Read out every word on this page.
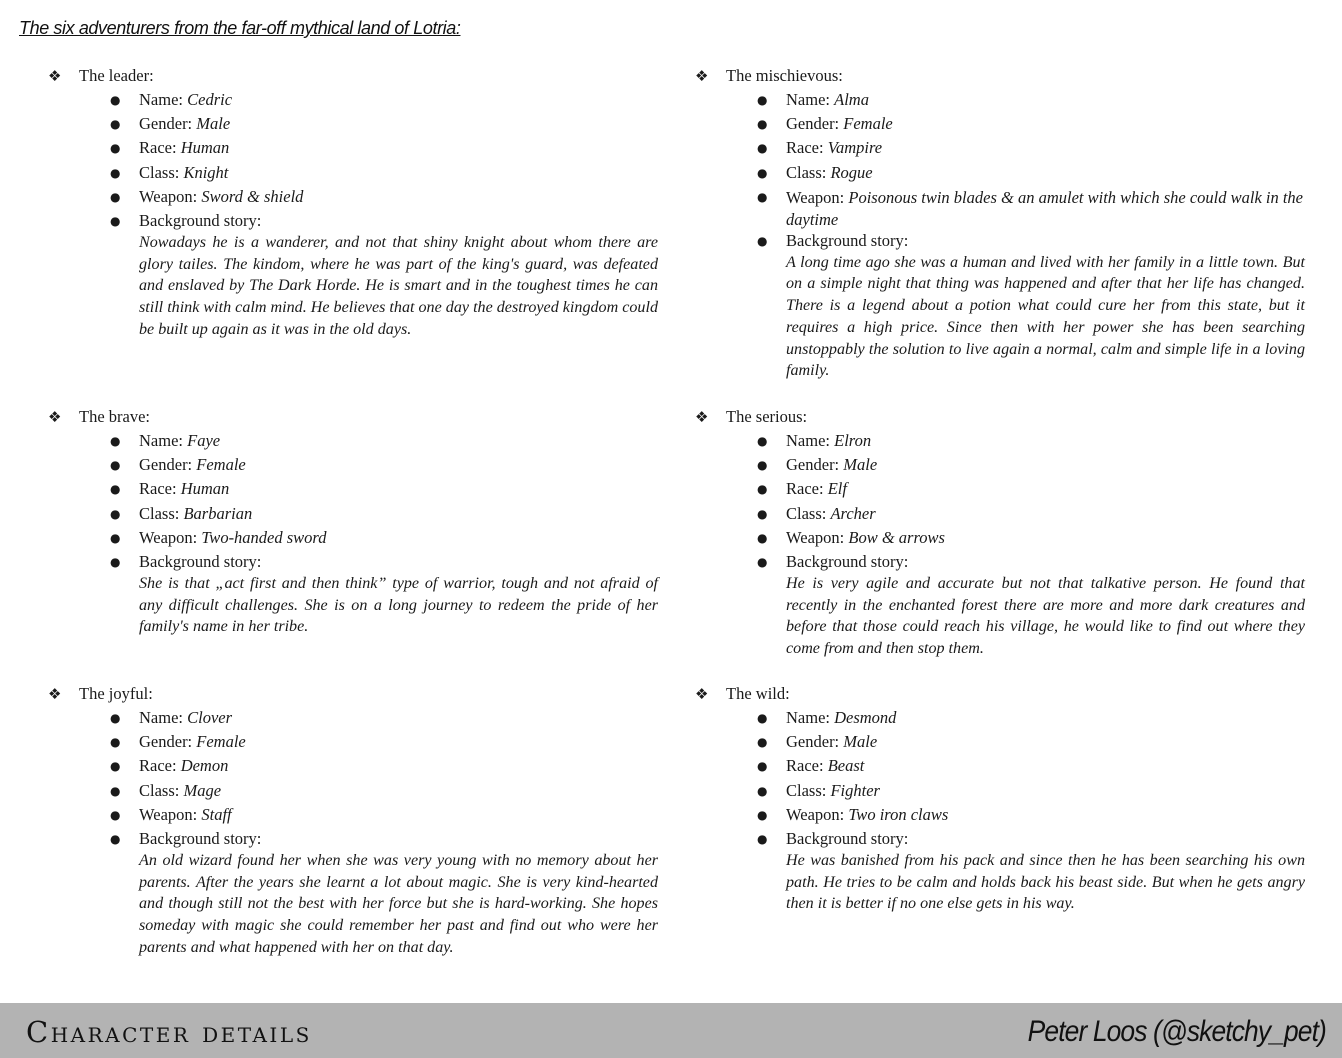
The six adventurers from the far-off mythical land of Lotria:
❖ The leader:
● Name: Cedric
● Gender: Male
● Race: Human
● Class: Knight
● Weapon: Sword & shield
● Background story:
Nowadays he is a wanderer, and not that shiny knight about whom there are glory tailes. The kindom, where he was part of the king's guard, was defeated and enslaved by The Dark Horde. He is smart and in the toughest times he can still think with calm mind. He believes that one day the destroyed kingdom could be built up again as it was in the old days.
❖ The brave:
● Name: Faye
● Gender: Female
● Race: Human
● Class: Barbarian
● Weapon: Two-handed sword
● Background story:
She is that „act first and then think” type of warrior, tough and not afraid of any difficult challenges. She is on a long journey to redeem the pride of her family's name in her tribe.
❖ The joyful:
● Name: Clover
● Gender: Female
● Race: Demon
● Class: Mage
● Weapon: Staff
● Background story:
An old wizard found her when she was very young with no memory about her parents. After the years she learnt a lot about magic. She is very kind-hearted and though still not the best with her force but she is hard-working. She hopes someday with magic she could remember her past and find out who were her parents and what happened with her on that day.
❖ The mischievous:
● Name: Alma
● Gender: Female
● Race: Vampire
● Class: Rogue
● Weapon: Poisonous twin blades & an amulet with which she could walk in the daytime
● Background story:
A long time ago she was a human and lived with her family in a little town. But on a simple night that thing was happened and after that her life has changed. There is a legend about a potion what could cure her from this state, but it requires a high price. Since then with her power she has been searching unstoppably the solution to live again a normal, calm and simple life in a loving family.
❖ The serious:
● Name: Elron
● Gender: Male
● Race: Elf
● Class: Archer
● Weapon: Bow & arrows
● Background story:
He is very agile and accurate but not that talkative person. He found that recently in the enchanted forest there are more and more dark creatures and before that those could reach his village, he would like to find out where they come from and then stop them.
❖ The wild:
● Name: Desmond
● Gender: Male
● Race: Beast
● Class: Fighter
● Weapon: Two iron claws
● Background story:
He was banished from his pack and since then he has been searching his own path. He tries to be calm and holds back his beast side. But when he gets angry then it is better if no one else gets in his way.
Character details	Peter Loos (@sketchy_pet)
